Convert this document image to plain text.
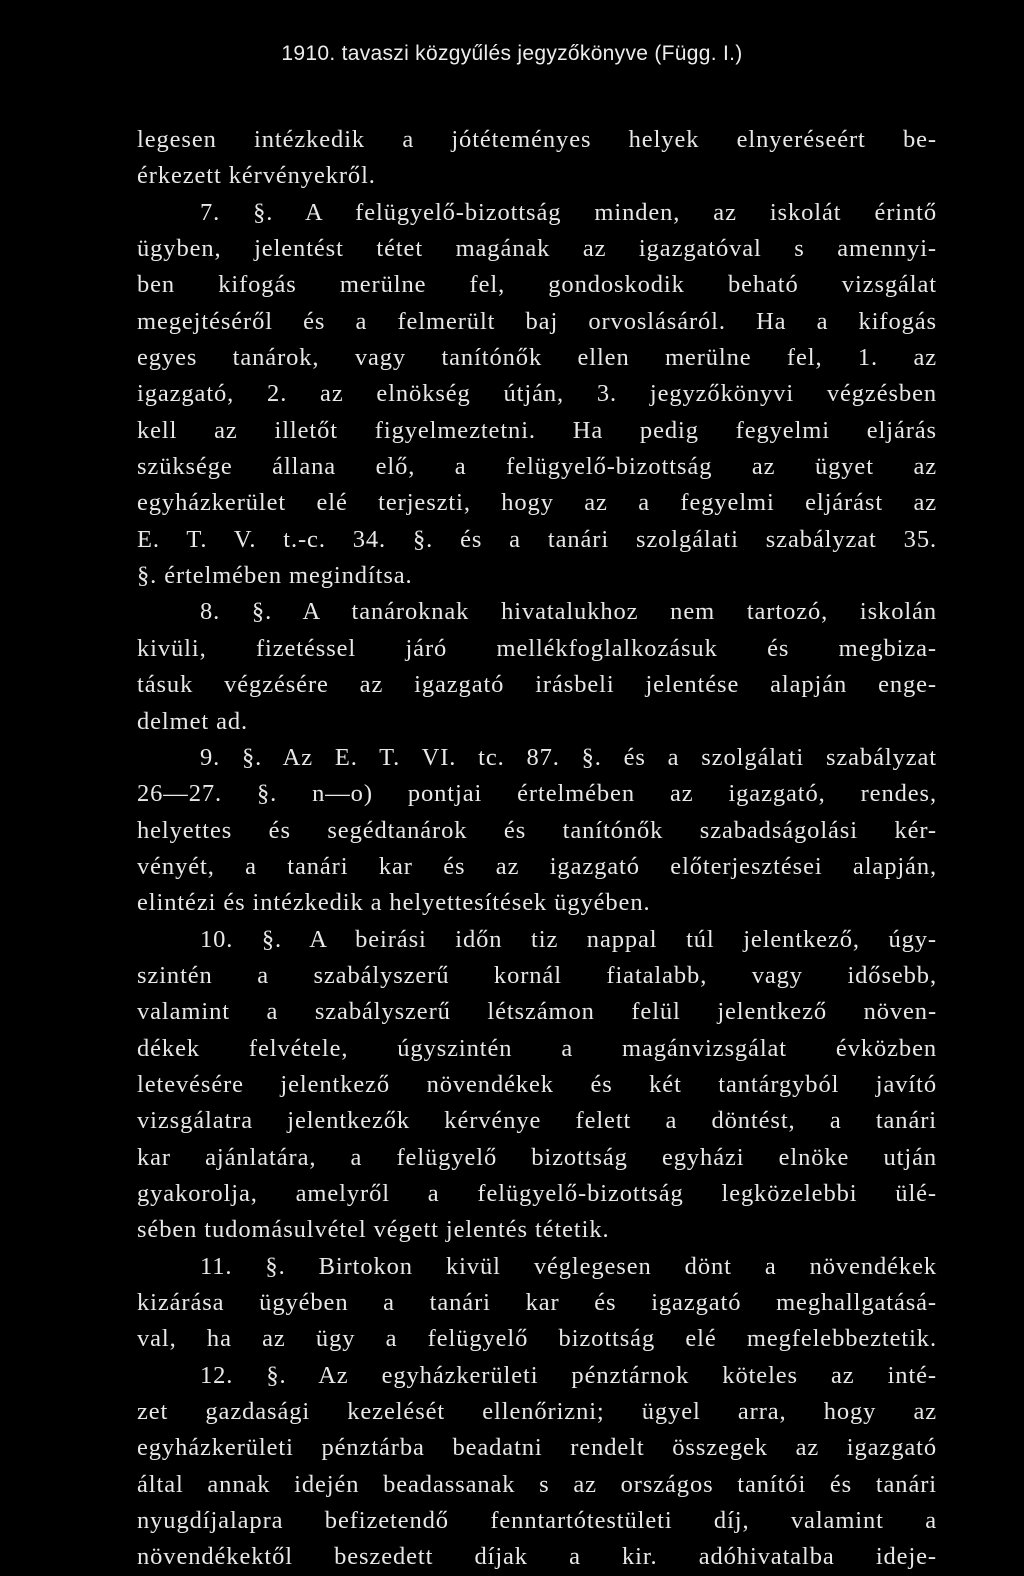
1910. tavaszi közgyűlés jegyzőkönyve (Függ. I.)
legesen intézkedik a jótéteményes helyek elnyeréseért be-
érkezett kérvényekről.
7. §. A felügyelő-bizottság minden, az iskolát érintő
ügyben, jelentést tétet magának az igazgatóval s amennyi-
ben kifogás merülne fel, gondoskodik beható vizsgálat
megejtéséről és a felmerült baj orvoslásáról. Ha a kifogás
egyes tanárok, vagy tanítónők ellen merülne fel, 1. az
igazgató, 2. az elnökség útján, 3. jegyzőkönyvi végzésben
kell az illetőt figyelmeztetni. Ha pedig fegyelmi eljárás
szüksége állana elő, a felügyelő-bizottság az ügyet az
egyházkerület elé terjeszti, hogy az a fegyelmi eljárást az
E. T. V. t.-c. 34. §. és a tanári szolgálati szabályzat 35.
§. értelmében megindítsa.
8. §. A tanároknak hivatalukhoz nem tartozó, iskolán
kivüli, fizetéssel járó mellékfoglalkozásuk és megbiza-
tásuk végzésére az igazgató irásbeli jelentése alapján enge-
delmet ad.
9. §. Az E. T. VI. tc. 87. §. és a szolgálati szabályzat
26—27. §. n—o) pontjai értelmében az igazgató, rendes,
helyettes és segédtanárok és tanítónők szabadságolási kér-
vényét, a tanári kar és az igazgató előterjesztései alapján,
elintézi és intézkedik a helyettesítések ügyében.
10. §. A beirási időn tiz nappal túl jelentkező, úgy-
szintén a szabályszerű kornál fiatalabb, vagy idősebb,
valamint a szabályszerű létszámon felül jelentkező növen-
dékek felvétele, úgyszintén a magánvizsgálat évközben
letevésére jelentkező növendékek és két tantárgyból javító
vizsgálatra jelentkezők kérvénye felett a döntést, a tanári
kar ajánlatára, a felügyelő bizottság egyházi elnöke utján
gyakorolja, amelyről a felügyelő-bizottság legközelebbi ülé-
sében tudomásulvétel végett jelentés tétetik.
11. §. Birtokon kivül véglegesen dönt a növendékek
kizárása ügyében a tanári kar és igazgató meghallgatásá-
val, ha az ügy a felügyelő bizottság elé megfelebbeztetik.
12. §. Az egyházkerületi pénztárnok köteles az inté-
zet gazdasági kezelését ellenőrizni; ügyel arra, hogy az
egyházkerületi pénztárba beadatni rendelt összegek az igazgató
által annak idején beadassanak s az országos tanítói és tanári
nyugdíjalapra befizetendő fenntartótestületi díj, valamint a
növendékektől beszedett díjak a kir. adóhivatalba ideje-
